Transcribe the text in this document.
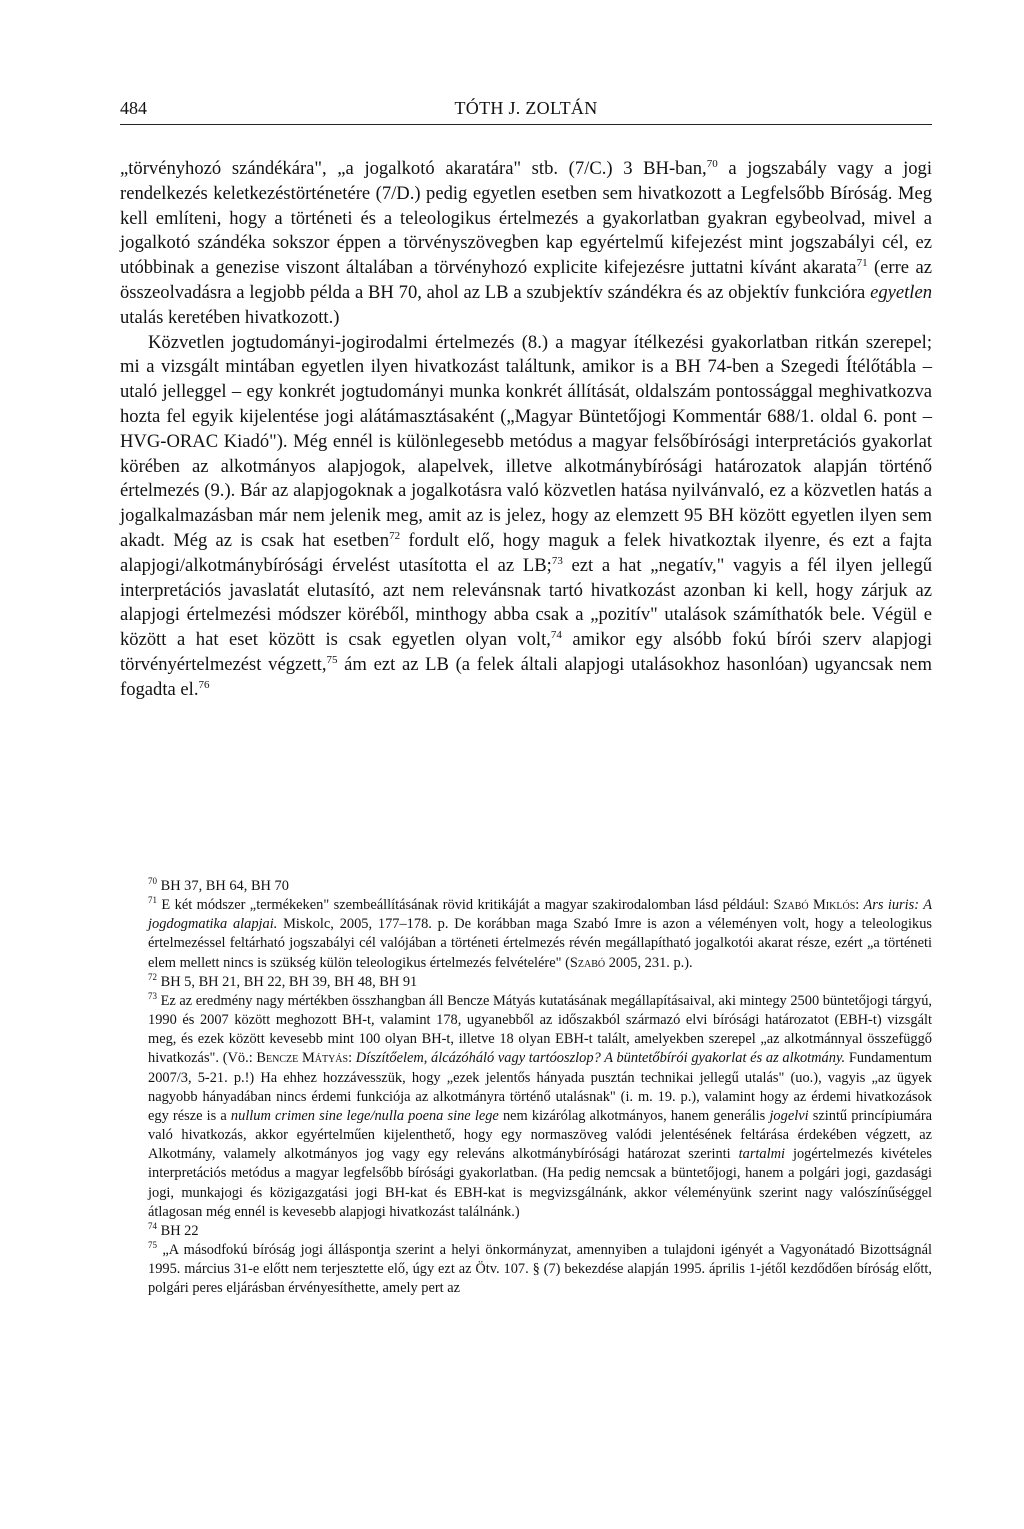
484	TÓTH J. ZOLTÁN

„törvényhozó szándékára", „a jogalkotó akaratára" stb. (7/C.) 3 BH-ban,$^{70}$ a jogszabály vagy a jogi rendelkezés keletkezéstörténetére (7/D.) pedig egyetlen esetben sem hivatkozott a Legfelsőbb Bíróság. Meg kell említeni, hogy a történeti és a teleologikus értelmezés a gyakorlatban gyakran egybeolvad, mivel a jogalkotó szándéka sokszor éppen a törvényszövegben kap egyértelmű kifejezést mint jogszabályi cél, ez utóbbinak a genezise viszont általában a törvényhozó explicite kifejezésre juttatni kívánt akarata$^{71}$ (erre az összeolvadásra a legjobb példa a BH 70, ahol az LB a szubjektív szándékra és az objektív funkcióra egyetlen utalás keretében hivatkozott.)

Közvetlen jogtudományi-jogirodalmi értelmezés (8.) a magyar ítélkezési gyakorlatban ritkán szerepel; mi a vizsgált mintában egyetlen ilyen hivatkozást találtunk, amikor is a BH 74-ben a Szegedi Ítélőtábla – utaló jelleggel – egy konkrét jogtudományi munka konkrét állítását, oldalszám pontossággal meghivatkozva hozta fel egyik kijelentése jogi alátámasztásaként („Magyar Büntetőjogi Kommentár 688/1. oldal 6. pont – HVG-ORAC Kiadó"). Még ennél is különlegesebb metódus a magyar felsőbírósági interpretációs gyakorlat körében az alkotmányos alapjogok, alapelvek, illetve alkotmánybírósági határozatok alapján történő értelmezés (9.). Bár az alapjogoknak a jogalkotásra való közvetlen hatása nyilvánvaló, ez a közvetlen hatás a jogalkalmazásban már nem jelenik meg, amit az is jelez, hogy az elemzett 95 BH között egyetlen ilyen sem akadt. Még az is csak hat esetben$^{72}$ fordult elő, hogy maguk a felek hivatkoztak ilyenre, és ezt a fajta alapjogi/alkotmánybírósági érvelést utasította el az LB;$^{73}$ ezt a hat „negatív," vagyis a fél ilyen jellegű interpretációs javaslatát elutasító, azt nem relevánsnak tartó hivatkozást azonban ki kell, hogy zárjuk az alapjogi értelmezési módszer köréből, minthogy abba csak a „pozitív" utalások számíthatók bele. Végül e között a hat eset között is csak egyetlen olyan volt,$^{74}$ amikor egy alsóbb fokú bírói szerv alapjogi törvényértelmezést végzett,$^{75}$ ám ezt az LB (a felek általi alapjogi utalásokhoz hasonlóan) ugyancsak nem fogadta el.$^{76}$

$^{70}$ BH 37, BH 64, BH 70

$^{71}$ E két módszer „termékeken" szembeállításának rövid kritikáját a magyar szakirodalomban lásd például: Szabó Miklós: Ars iuris: A jogdogmatika alapjai. Miskolc, 2005, 177–178. p. De korábban maga Szabó Imre is azon a véleményen volt, hogy a teleologikus értelmezéssel feltárható jogszabályi cél valójában a történeti értelmezés révén megállapítható jogalkotói akarat része, ezért „a történeti elem mellett nincs is szükség külön teleologikus értelmezés felvételére" (Szabó 2005, 231. p.).

$^{72}$ BH 5, BH 21, BH 22, BH 39, BH 48, BH 91

$^{73}$ Ez az eredmény nagy mértékben összhangban áll Bencze Mátyás kutatásának megállapításaival, aki mintegy 2500 büntetőjogi tárgyú, 1990 és 2007 között meghozott BH-t, valamint 178, ugyanebből az időszakból származó elvi bírósági határozatot (EBH-t) vizsgált meg, és ezek között kevesebb mint 100 olyan BH-t, illetve 18 olyan EBH-t talált, amelyekben szerepel „az alkotmánnyal összefüggő hivatkozás". (Vö.: Bencze Mátyás: Díszítőelem, álcázóháló vagy tartóoszlop? A büntetőbírói gyakorlat és az alkotmány. Fundamentum 2007/3, 5-21. p.!) Ha ehhez hozzávesszük, hogy „ezek jelentős hányada pusztán technikai jellegű utalás" (uo.), vagyis „az ügyek nagyobb hányadában nincs érdemi funkciója az alkotmányra történő utalásnak" (i. m. 19. p.), valamint hogy az érdemi hivatkozások egy része is a nullum crimen sine lege/nulla poena sine lege nem kizárólag alkotmányos, hanem generális jogelvi szintű princípiumára való hivatkozás, akkor egyértelműen kijelenthető, hogy egy normaszöveg valódi jelentésének feltárása érdekében végzett, az Alkotmány, valamely alkotmányos jog vagy egy releváns alkotmánybírósági határozat szerinti tartalmi jogértelmezés kivételes interpretációs metódus a magyar legfelsőbb bírósági gyakorlatban. (Ha pedig nemcsak a büntetőjogi, hanem a polgári jogi, gazdasági jogi, munkajogi és közigazgatási jogi BH-kat és EBH-kat is megvizsgálnánk, akkor véleményünk szerint nagy valószínűséggel átlagosan még ennél is kevesebb alapjogi hivatkozást találnánk.)

$^{74}$ BH 22

$^{75}$ „A másodfokú bíróság jogi álláspontja szerint a helyi önkormányzat, amennyiben a tulajdoni igényét a Vagyonátadó Bizottságnál 1995. március 31-e előtt nem terjesztette elő, úgy ezt az Ötv. 107. § (7) bekezdése alapján 1995. április 1-jétől kezdődően bíróság előtt, polgári peres eljárásban érvényesíthette, amely pert az
